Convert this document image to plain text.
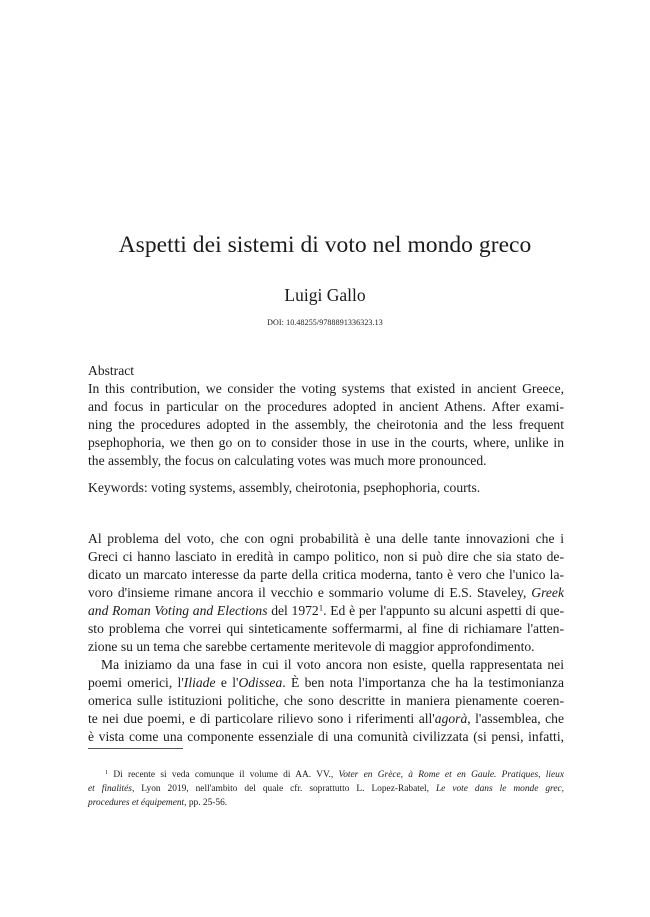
Aspetti dei sistemi di voto nel mondo greco
Luigi Gallo
DOI: 10.48255/9788891336323.13
Abstract
In this contribution, we consider the voting systems that existed in ancient Greece,
and focus in particular on the procedures adopted in ancient Athens. After exami-
ning the procedures adopted in the assembly, the cheirotonia and the less frequent
psephophoria, we then go on to consider those in use in the courts, where, unlike in
the assembly, the focus on calculating votes was much more pronounced.
Keywords: voting systems, assembly, cheirotonia, psephophoria, courts.
Al problema del voto, che con ogni probabilità è una delle tante innovazioni che i
Greci ci hanno lasciato in eredità in campo politico, non si può dire che sia stato de-
dicato un marcato interesse da parte della critica moderna, tanto è vero che l'unico la-
voro d'insieme rimane ancora il vecchio e sommario volume di E.S. Staveley, Greek
and Roman Voting and Elections del 1972$^1$. Ed è per l'appunto su alcuni aspetti di que-
sto problema che vorrei qui sinteticamente soffermarmi, al fine di richiamare l'atten-
zione su un tema che sarebbe certamente meritevole di maggior approfondimento.
Ma iniziamo da una fase in cui il voto ancora non esiste, quella rappresentata nei
poemi omerici, l'Iliade e l'Odissea. È ben nota l'importanza che ha la testimonianza
omerica sulle istituzioni politiche, che sono descritte in maniera pienamente coeren-
te nei due poemi, e di particolare rilievo sono i riferimenti all'agorà, l'assemblea, che
è vista come una componente essenziale di una comunità civilizzata (si pensi, infatti,
$^1$ Di recente si veda comunque il volume di AA. VV., Voter en Grèce, à Rome et en Gaule. Pratiques, lieux
et finalités, Lyon 2019, nell'ambito del quale cfr. soprattutto L. Lopez-Rabatel, Le vote dans le monde grec,
procedures et équipement, pp. 25-56.
